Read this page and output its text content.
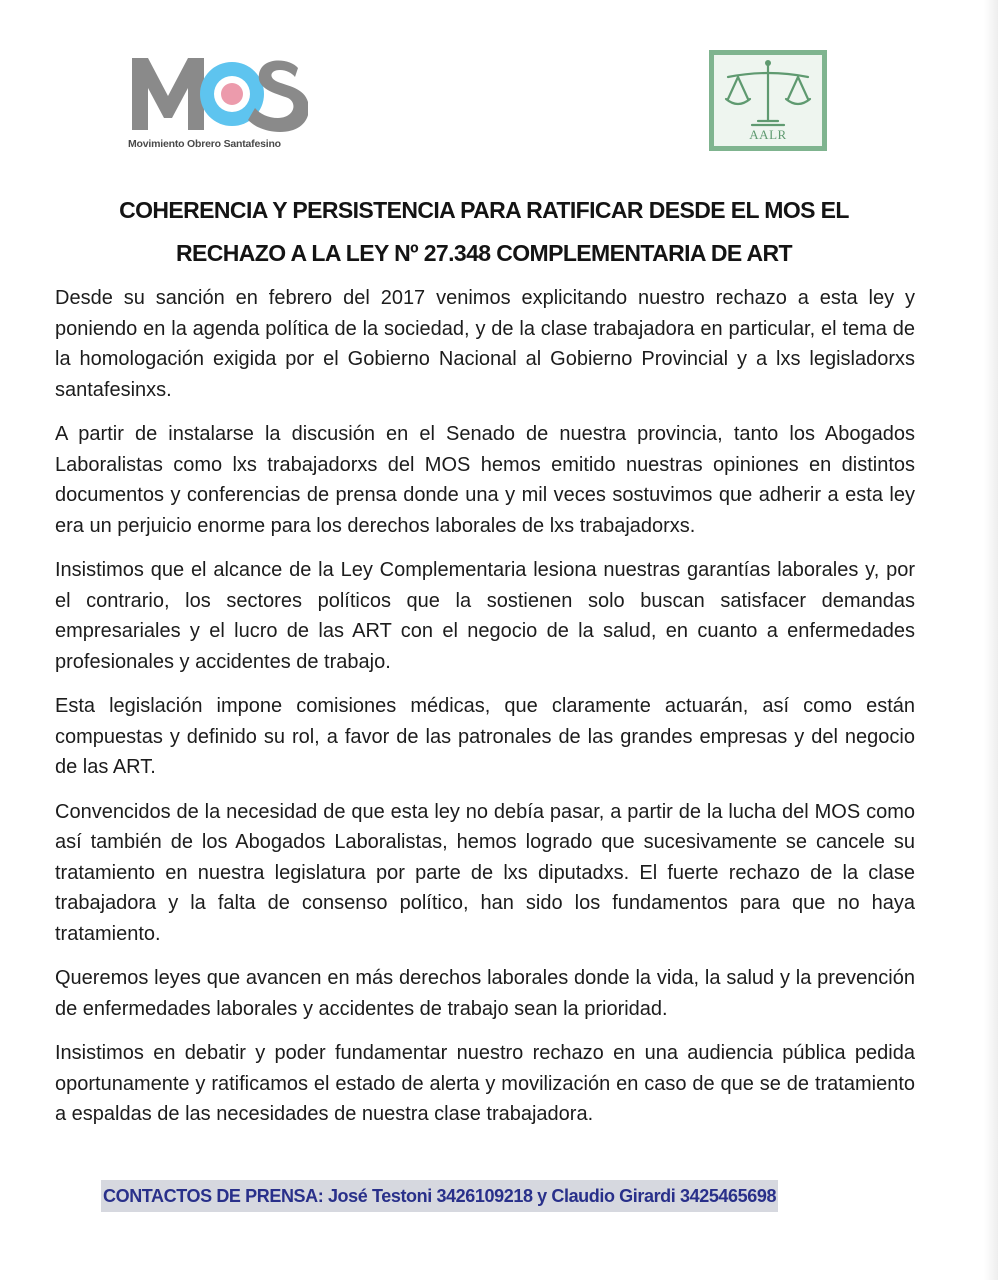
Movimiento Obrero Santafesino
AALR
COHERENCIA Y PERSISTENCIA PARA RATIFICAR DESDE EL MOS EL
RECHAZO A LA LEY Nº 27.348 COMPLEMENTARIA DE ART

Desde su sanción en febrero del 2017 venimos explicitando nuestro rechazo a esta ley y poniendo en la agenda política de la sociedad, y de la clase trabajadora en particular, el tema de la homologación exigida por el Gobierno Nacional al Gobierno Provincial y a lxs legisladorxs santafesinxs.

A partir de instalarse la discusión en el Senado de nuestra provincia, tanto los Abogados Laboralistas como lxs trabajadorxs del MOS hemos emitido nuestras opiniones en distintos documentos y conferencias de prensa donde una y mil veces sostuvimos que adherir a esta ley era un perjuicio enorme para los derechos laborales de lxs trabajadorxs.

Insistimos que el alcance de la Ley Complementaria lesiona nuestras garantías laborales y, por el contrario, los sectores políticos que la sostienen solo buscan satisfacer demandas empresariales y el lucro de las ART con el negocio de la salud, en cuanto a enfermedades profesionales y accidentes de trabajo.

Esta legislación impone comisiones médicas, que claramente actuarán, así como están compuestas y definido su rol, a favor de las patronales de las grandes empresas y del negocio de las ART.

Convencidos de la necesidad de que esta ley no debía pasar, a partir de la lucha del MOS como así también de los Abogados Laboralistas, hemos logrado que sucesivamente se cancele su tratamiento en nuestra legislatura por parte de lxs diputadxs. El fuerte rechazo de la clase trabajadora y la falta de consenso político, han sido los fundamentos para que no haya tratamiento.

Queremos leyes que avancen en más derechos laborales donde la vida, la salud y la prevención de enfermedades laborales y accidentes de trabajo sean la prioridad.

Insistimos en debatir y poder fundamentar nuestro rechazo en una audiencia pública pedida oportunamente y ratificamos el estado de alerta y movilización en caso de que se de tratamiento a espaldas de las necesidades de nuestra clase trabajadora.

CONTACTOS DE PRENSA: José Testoni 3426109218 y Claudio Girardi 3425465698
